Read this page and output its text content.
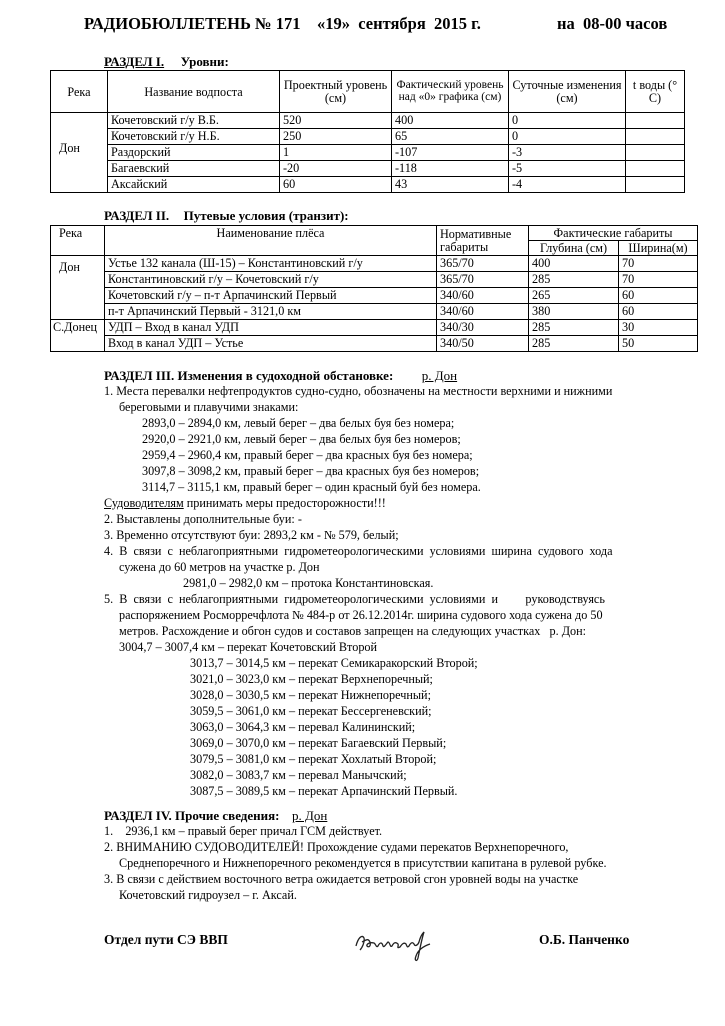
РАДИОБЮЛЛЕТЕНЬ № 171    «19»  сентября  2015 г.	на  08-00 часов
РАЗДЕЛ I. Уровни:
Река	Название водпоста	Проектный уровень (см)	Фактический уровень над «0» графика (см)	Суточные изменения (см)	t воды (° С)
Дон	Кочетовский г/у В.Б.	520	400	0	
	Кочетовский г/у Н.Б.	250	65	0	
	Раздорский	1	-107	-3	
	Багаевский	-20	-118	-5	
	Аксайский	60	43	-4	
РАЗДЕЛ II. Путевые условия (транзит):
Река	Наименование плёса	Нормативные габариты	Фактические габариты	
			Глубина (см)	Ширина(м)
Дон	Устье 132 канала (Ш-15) – Константиновский г/у	365/70	400	70
	Константиновский г/у – Кочетовский г/у	365/70	285	70
	Кочетовский г/у – п-т Арпачинский Первый	340/60	265	60
	п-т Арпачинский Первый - 3121,0 км	340/60	380	60
С.Донец	УДП – Вход в канал УДП	340/30	285	30
	Вход в канал УДП – Устье	340/50	285	50
РАЗДЕЛ III. Изменения в судоходной обстановке: р. Дон
1. Места перевалки нефтепродуктов судно-судно, обозначены на местности верхними и нижними
береговыми и плавучими знаками:
2893,0 – 2894,0 км, левый берег – два белых буя без номера;
2920,0 – 2921,0 км, левый берег – два белых буя без номеров;
2959,4 – 2960,4 км, правый берег – два красных буя без номера;
3097,8 – 3098,2 км, правый берег – два красных буя без номеров;
3114,7 – 3115,1 км, правый берег – один красный буй без номера.
Судоводителям принимать меры предосторожности!!!
2. Выставлены дополнительные буи: -
3. Временно отсутствуют буи: 2893,2 км - № 579, белый;
4.  В  связи  с  неблагоприятными  гидрометеорологическими  условиями  ширина  судового  хода
сужена до 60 метров на участке р. Дон
2981,0 – 2982,0 км – протока Константиновская.
5.  В  связи  с  неблагоприятными  гидрометеорологическими  условиями  и         руководствуясь
распоряжением Росморречфлота № 484-р от 26.12.2014г. ширина судового хода сужена до 50
метров. Расхождение и обгон судов и составов запрещен на следующих участках   р. Дон:
3004,7 – 3007,4 км – перекат Кочетовский Второй
3013,7 – 3014,5 км – перекат Семикаракорский Второй;
3021,0 – 3023,0 км – перекат Верхнепоречный;
3028,0 – 3030,5 км – перекат Нижнепоречный;
3059,5 – 3061,0 км – перекат Бессергеневский;
3063,0 – 3064,3 км – перевал Калининский;
3069,0 – 3070,0 км – перекат Багаевский Первый;
3079,5 – 3081,0 км – перекат Хохлатый Второй;
3082,0 – 3083,7 км – перевал Манычский;
3087,5 – 3089,5 км – перекат Арпачинский Первый.
РАЗДЕЛ IV. Прочие сведения: р. Дон
1.    2936,1 км – правый берег причал ГСМ действует.
2. ВНИМАНИЮ СУДОВОДИТЕЛЕЙ! Прохождение судами перекатов Верхнепоречного,
Среднепоречного и Нижнепоречного рекомендуется в присутствии капитана в рулевой рубке.
3. В связи с действием восточного ветра ожидается ветровой сгон уровней воды на участке
Кочетовский гидроузел – г. Аксай.
Отдел пути СЭ ВВП	О.Б. Панченко
